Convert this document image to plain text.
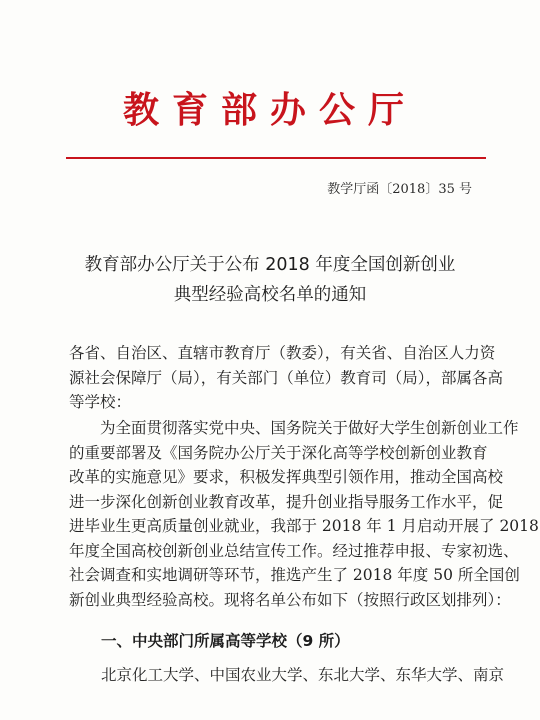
教育部办公厅
教学厅函〔2018〕35 号
教育部办公厅关于公布 2018 年度全国创新创业
典型经验高校名单的通知
各省、自治区、直辖市教育厅（教委），有关省、自治区人力资
源社会保障厅（局），有关部门（单位）教育司（局），部属各高
等学校：
　　为全面贯彻落实党中央、国务院关于做好大学生创新创业工作
的重要部署及《国务院办公厅关于深化高等学校创新创业教育
改革的实施意见》要求，积极发挥典型引领作用，推动全国高校
进一步深化创新创业教育改革，提升创业指导服务工作水平，促
进毕业生更高质量创业就业，我部于 2018 年 1 月启动开展了 2018
年度全国高校创新创业总结宣传工作。经过推荐申报、专家初选、
社会调查和实地调研等环节，推选产生了 2018 年度 50 所全国创
新创业典型经验高校。现将名单公布如下（按照行政区划排列）：
一、中央部门所属高等学校（9 所）
北京化工大学、中国农业大学、东北大学、东华大学、南京
